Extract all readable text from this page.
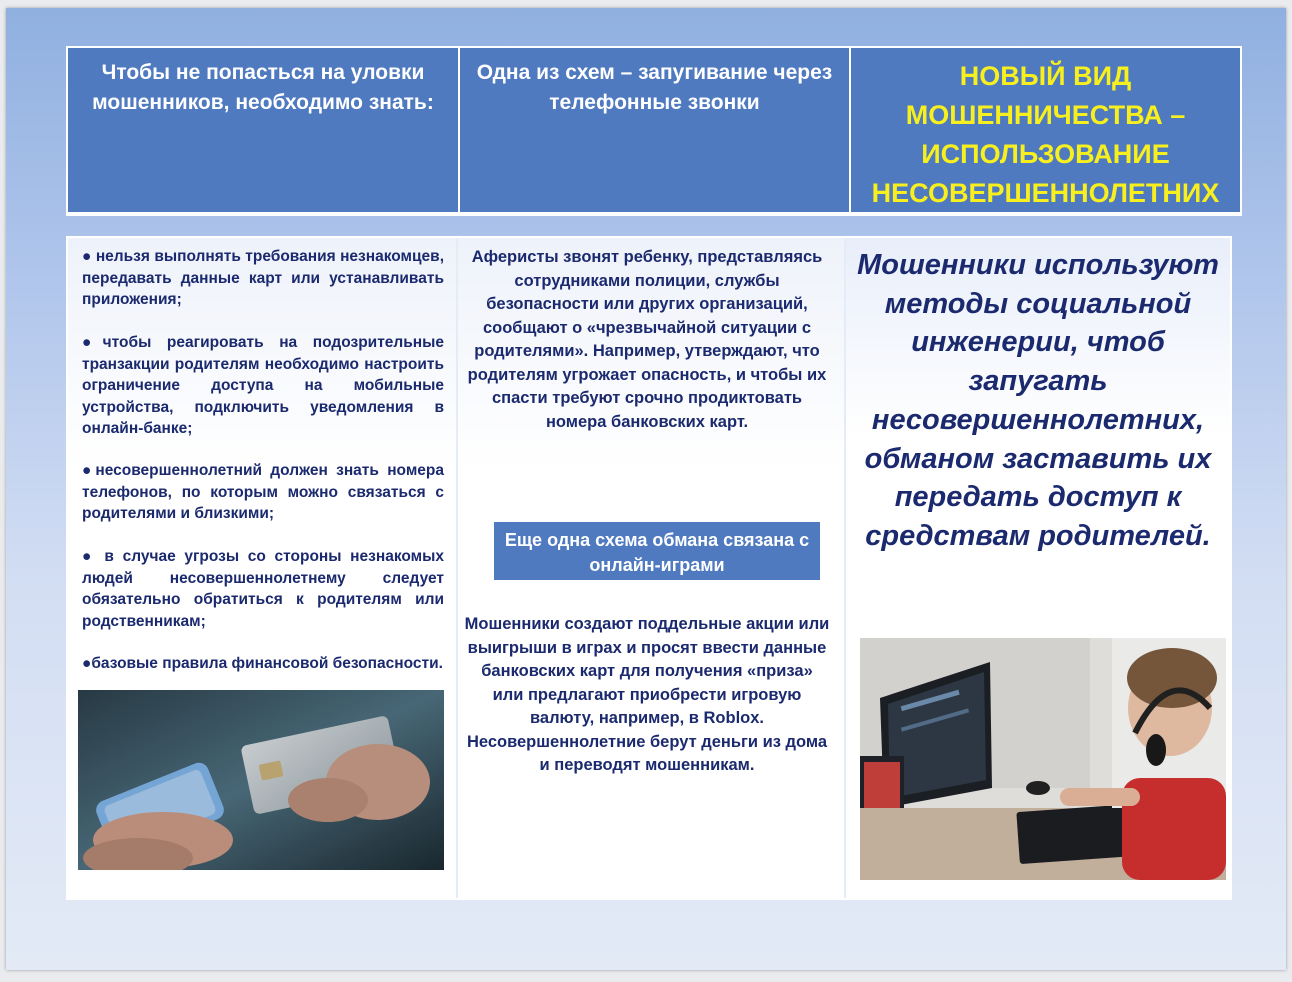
Чтобы не попасться на уловки мошенников, необходимо знать:
Одна из схем – запугивание через телефонные звонки
НОВЫЙ ВИД МОШЕННИЧЕСТВА – ИСПОЛЬЗОВАНИЕ НЕСОВЕРШЕННОЛЕТНИХ
● нельзя выполнять требования незнакомцев, передавать данные карт или устанавливать приложения;
●чтобы реагировать на подозрительные транзакции родителям необходимо настроить ограничение доступа на мобильные устройства, подключить уведомления в онлайн-банке;
●несовершеннолетний должен знать номера телефонов, по которым можно связаться с родителями и близкими;
● в случае угрозы со стороны незнакомых людей несовершеннолетнему следует обязательно обратиться к родителям или родственникам;
●базовые правила финансовой безопасности.
Аферисты звонят ребенку, представляясь сотрудниками полиции, службы безопасности или других организаций, сообщают о «чрезвычайной ситуации с родителями». Например, утверждают, что родителям угрожает опасность, и чтобы их спасти требуют срочно продиктовать номера банковских карт.
Еще одна схема обмана связана с онлайн-играми
Мошенники создают поддельные акции или выигрыши в играх и просят ввести данные банковских карт для получения «приза» или предлагают приобрести игровую валюту, например, в Roblox. Несовершеннолетние берут деньги из дома и переводят мошенникам.
Мошенники используют методы социальной инженерии, чтоб запугать несовершеннолетних, обманом заставить их передать доступ к средствам родителей.
